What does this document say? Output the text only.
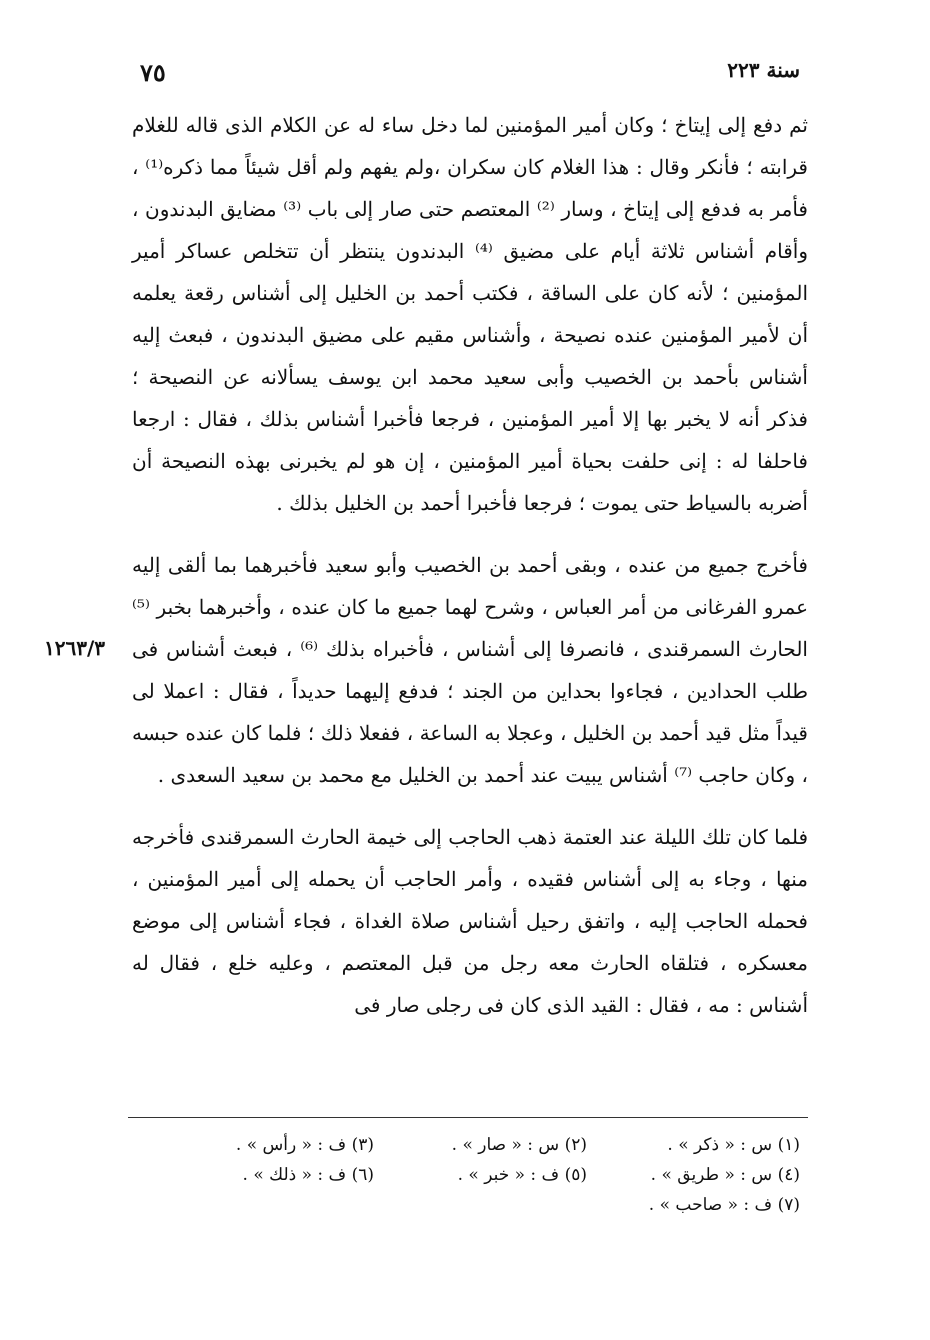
سنة ٢٢٣
٧٥
١٢٦٣/٣

ثم دفع إلى إيتاخ ؛ وكان أمير المؤمنين لما دخل ساء له عن الكلام الذى قاله للغلام قرابته ؛ فأنكر وقال : هذا الغلام كان سكران ،ولم يفهم ولم أقل شيئاً مما ذكره⁽¹⁾ ، فأمر به فدفع إلى إيتاخ ، وسار ⁽²⁾ المعتصم حتى صار إلى باب ⁽³⁾ مضايق البدندون ، وأقام أشناس ثلاثة أيام على مضيق ⁽⁴⁾ البدندون ينتظر أن تتخلص عساكر أمير المؤمنين ؛ لأنه كان على الساقة ، فكتب أحمد بن الخليل إلى أشناس رقعة يعلمه أن لأمير المؤمنين عنده نصيحة ، وأشناس مقيم على مضيق البدندون ، فبعث إليه أشناس بأحمد بن الخصيب وأبى سعيد محمد ابن يوسف يسألانه عن النصيحة ؛ فذكر أنه لا يخبر بها إلا أمير المؤمنين ، فرجعا فأخبرا أشناس بذلك ، فقال : ارجعا فاحلفا له : إنى حلفت بحياة أمير المؤمنين ، إن هو لم يخبرنى بهذه النصيحة أن أضربه بالسياط حتى يموت ؛ فرجعا فأخبرا أحمد بن الخليل بذلك .

فأخرج جميع من عنده ، وبقى أحمد بن الخصيب وأبو سعيد فأخبرهما بما ألقى إليه عمرو الفرغانى من أمر العباس ، وشرح لهما جميع ما كان عنده ، وأخبرهما بخبر ⁽⁵⁾ الحارث السمرقندى ، فانصرفا إلى أشناس ، فأخبراه بذلك ⁽⁶⁾ ، فبعث أشناس فى طلب الحدادين ، فجاءوا بحداين من الجند ؛ فدفع إليهما حديداً ، فقال : اعملا لى قيداً مثل قيد أحمد بن الخليل ، وعجلا به الساعة ، ففعلا ذلك ؛ فلما كان عنده حبسه ، وكان حاجب ⁽⁷⁾ أشناس يبيت عند أحمد بن الخليل مع محمد بن سعيد السعدى .

فلما كان تلك الليلة عند العتمة ذهب الحاجب إلى خيمة الحارث السمرقندى فأخرجه منها ، وجاء به إلى أشناس فقيده ، وأمر الحاجب أن يحمله إلى أمير المؤمنين ، فحمله الحاجب إليه ، واتفق رحيل أشناس صلاة الغداة ، فجاء أشناس إلى موضع معسكره ، فتلقاه الحارث معه رجل من قبل المعتصم ، وعليه خلع ، فقال له أشناس : مه ، فقال : القيد الذى كان فى رجلى صار فى

(١) س : « ذكر » .
(٢) س : « صار » .
(٣) ف : « رأس » .
(٤) س : « طريق » .
(٥) ف : « خبر » .
(٦) ف : « ذلك » .
(٧) ف : « صاحب » .
